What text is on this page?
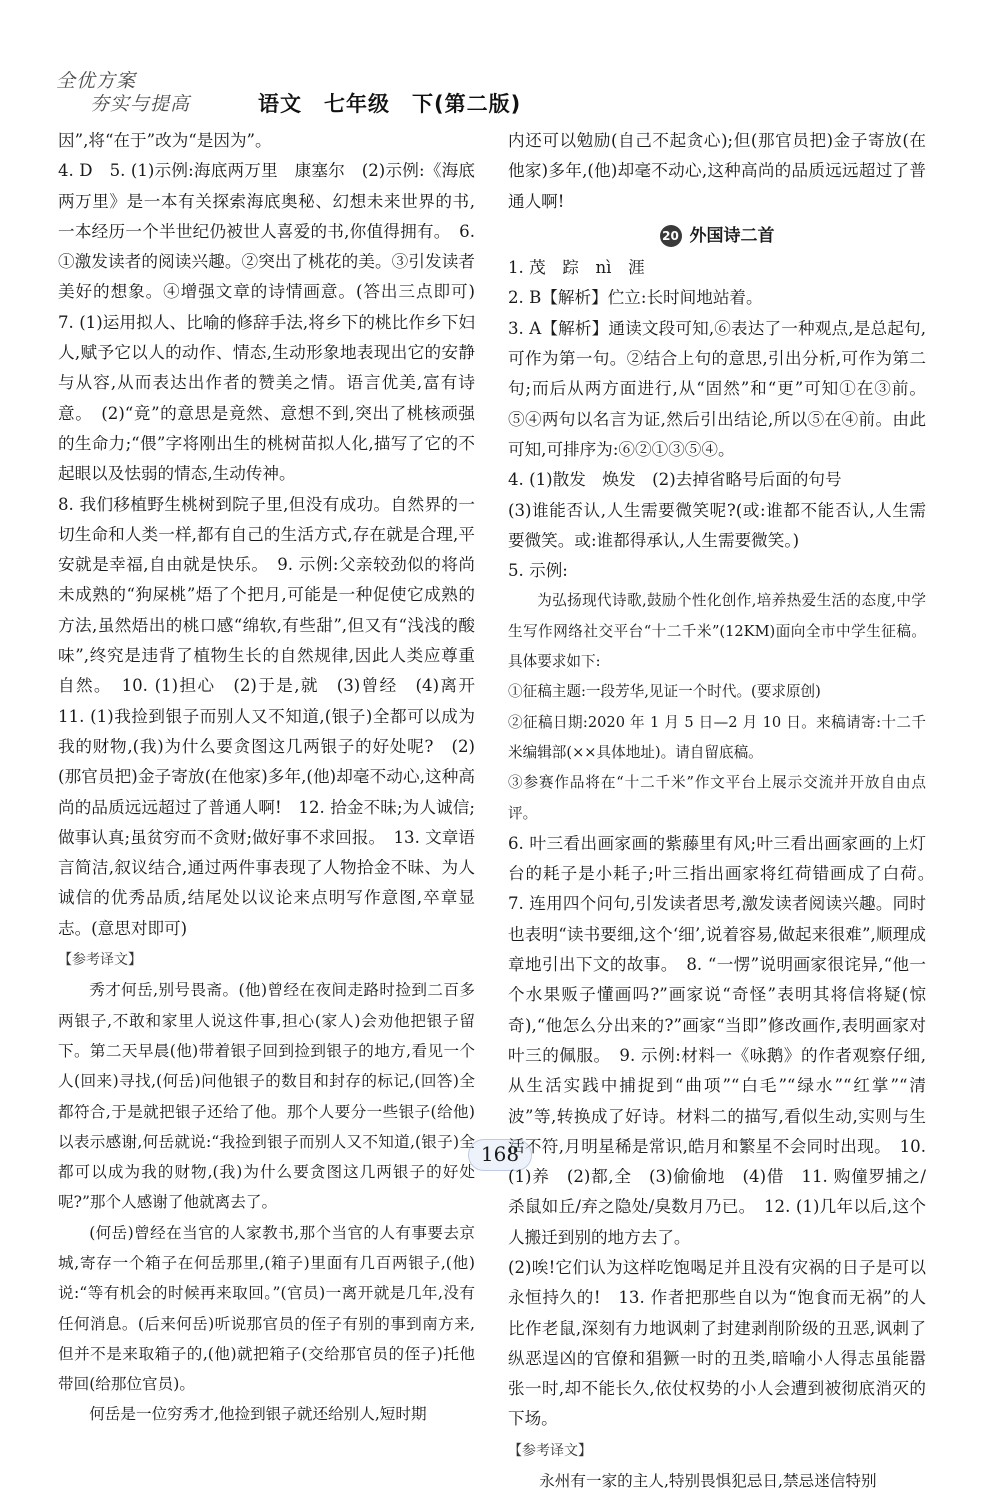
全优方案
夯实与提高	语文　七年级　下(第二版)

因”,将“在于”改为“是因为”。

4. D　5. (1)示例:海底两万里　康塞尔　(2)示例:《海底两万里》是一本有关探索海底奥秘、幻想未来世界的书,一本经历一个半世纪仍被世人喜爱的书,你值得拥有。　6. ①激发读者的阅读兴趣。②突出了桃花的美。③引发读者美好的想象。④增强文章的诗情画意。(答出三点即可)　7. (1)运用拟人、比喻的修辞手法,将乡下的桃比作乡下妇人,赋予它以人的动作、情态,生动形象地表现出它的安静与从容,从而表达出作者的赞美之情。语言优美,富有诗意。　(2)“竟”的意思是竟然、意想不到,突出了桃核顽强的生命力;“偎”字将刚出生的桃树苗拟人化,描写了它的不起眼以及怯弱的情态,生动传神。

8. 我们移植野生桃树到院子里,但没有成功。自然界的一切生命和人类一样,都有自己的生活方式,存在就是合理,平安就是幸福,自由就是快乐。　9. 示例:父亲较劲似的将尚未成熟的“狗屎桃”焐了个把月,可能是一种促使它成熟的方法,虽然焐出的桃口感“绵软,有些甜”,但又有“浅浅的酸味”,终究是违背了植物生长的自然规律,因此人类应尊重自然。　10. (1)担心　(2)于是,就　(3)曾经　(4)离开　11. (1)我捡到银子而别人又不知道,(银子)全都可以成为我的财物,(我)为什么要贪图这几两银子的好处呢?　(2)(那官员把)金子寄放(在他家)多年,(他)却毫不动心,这种高尚的品质远远超过了普通人啊!　12. 拾金不昧;为人诚信;做事认真;虽贫穷而不贪财;做好事不求回报。　13. 文章语言简洁,叙议结合,通过两件事表现了人物拾金不昧、为人诚信的优秀品质,结尾处以议论来点明写作意图,卒章显志。(意思对即可)

【参考译文】

秀才何岳,别号畏斋。(他)曾经在夜间走路时捡到二百多两银子,不敢和家里人说这件事,担心(家人)会劝他把银子留下。第二天早晨(他)带着银子回到捡到银子的地方,看见一个人(回来)寻找,(何岳)问他银子的数目和封存的标记,(回答)全都符合,于是就把银子还给了他。那个人要分一些银子(给他)以表示感谢,何岳就说:“我捡到银子而别人又不知道,(银子)全都可以成为我的财物,(我)为什么要贪图这几两银子的好处呢?”那个人感谢了他就离去了。

(何岳)曾经在当官的人家教书,那个当官的人有事要去京城,寄存一个箱子在何岳那里,(箱子)里面有几百两银子,(他)说:“等有机会的时候再来取回。”(官员)一离开就是几年,没有任何消息。(后来何岳)听说那官员的侄子有别的事到南方来,但并不是来取箱子的,(他)就把箱子(交给那官员的侄子)托他带回(给那位官员)。

何岳是一位穷秀才,他捡到银子就还给别人,短时期

内还可以勉励(自己不起贪心);但(那官员把)金子寄放(在他家)多年,(他)却毫不动心,这种高尚的品质远远超过了普通人啊!

20 外国诗二首

1. 茂　踪　nì　涯

2. B【解析】伫立:长时间地站着。

3. A【解析】通读文段可知,⑥表达了一种观点,是总起句,可作为第一句。②结合上句的意思,引出分析,可作为第二句;而后从两方面进行,从“固然”和“更”可知①在③前。⑤④两句以名言为证,然后引出结论,所以⑤在④前。由此可知,可排序为:⑥②①③⑤④。

4. (1)散发　焕发　(2)去掉省略号后面的句号

(3)谁能否认,人生需要微笑呢?(或:谁都不能否认,人生需要微笑。或:谁都得承认,人生需要微笑。)

5. 示例:

为弘扬现代诗歌,鼓励个性化创作,培养热爱生活的态度,中学生写作网络社交平台“十二千米”(12KM)面向全市中学生征稿。具体要求如下:

①征稿主题:一段芳华,见证一个时代。(要求原创)

②征稿日期:2020 年 1 月 5 日—2 月 10 日。来稿请寄:十二千米编辑部(××具体地址)。请自留底稿。

③参赛作品将在“十二千米”作文平台上展示交流并开放自由点评。

6. 叶三看出画家画的紫藤里有风;叶三看出画家画的上灯台的耗子是小耗子;叶三指出画家将红荷错画成了白荷。　7. 连用四个问句,引发读者思考,激发读者阅读兴趣。同时也表明“读书要细,这个‘细’,说着容易,做起来很难”,顺理成章地引出下文的故事。　8. “一愣”说明画家很诧异,“他一个水果贩子懂画吗?”画家说“奇怪”表明其将信将疑(惊奇),“他怎么分出来的?”画家“当即”修改画作,表明画家对叶三的佩服。　9. 示例:材料一《咏鹅》的作者观察仔细,从生活实践中捕捉到“曲项”“白毛”“绿水”“红掌”“清波”等,转换成了好诗。材料二的描写,看似生动,实则与生活不符,月明星稀是常识,皓月和繁星不会同时出现。　10. (1)养　(2)都,全　(3)偷偷地　(4)借　11. 购僮罗捕之/杀鼠如丘/弃之隐处/臭数月乃已。　12. (1)几年以后,这个人搬迁到别的地方去了。

(2)唉!它们认为这样吃饱喝足并且没有灾祸的日子是可以永恒持久的!　13. 作者把那些自以为“饱食而无祸”的人比作老鼠,深刻有力地讽刺了封建剥削阶级的丑恶,讽刺了纵恶逞凶的官僚和猖獗一时的丑类,暗喻小人得志虽能嚣张一时,却不能长久,依仗权势的小人会遭到被彻底消灭的下场。

【参考译文】

永州有一家的主人,特别畏惧犯忌日,禁忌迷信特别

168
